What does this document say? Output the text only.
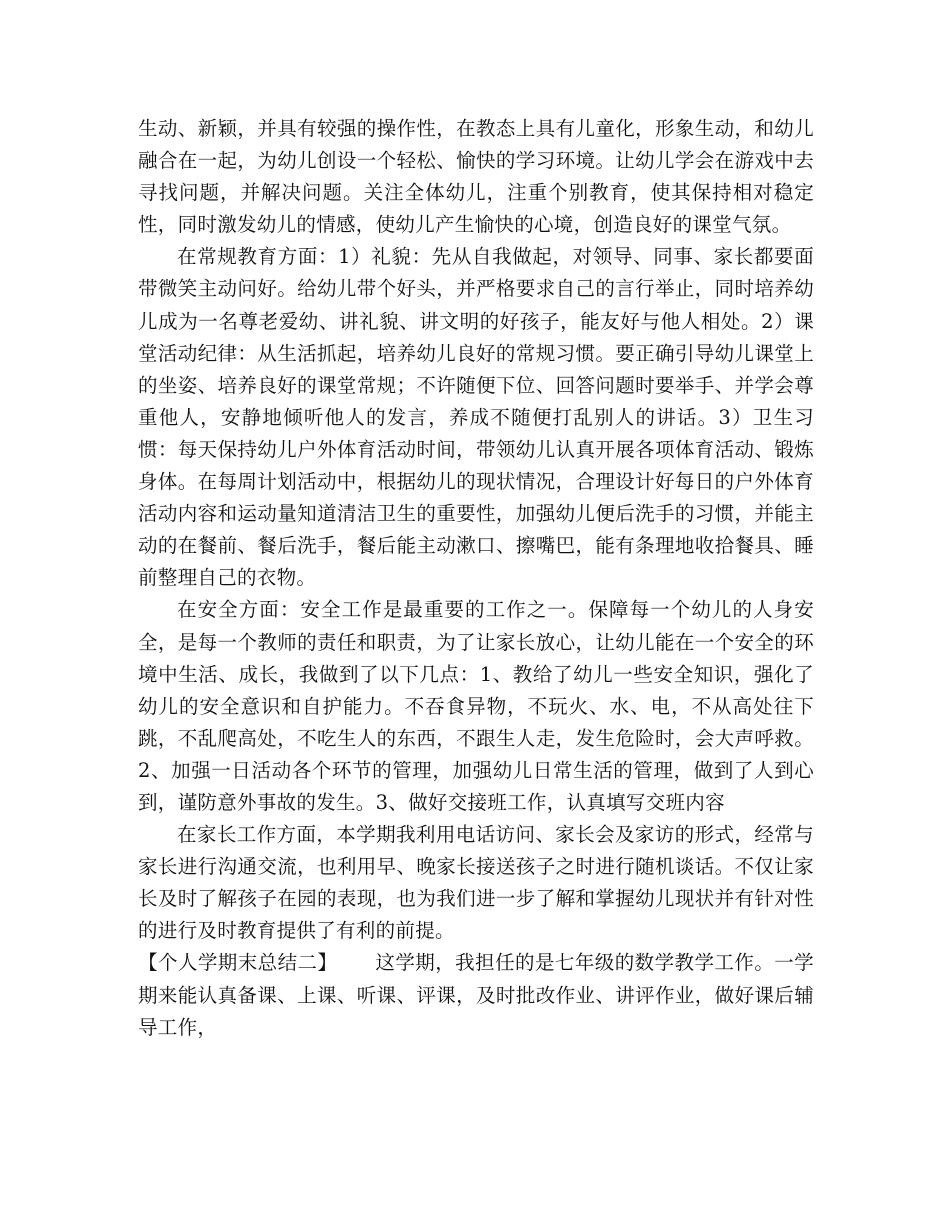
生动、新颖，并具有较强的操作性，在教态上具有儿童化，形象生动，和幼儿融合在一起，为幼儿创设一个轻松、愉快的学习环境。让幼儿学会在游戏中去寻找问题，并解决问题。关注全体幼儿，注重个别教育，使其保持相对稳定性，同时激发幼儿的情感，使幼儿产生愉快的心境，创造良好的课堂气氛。

在常规教育方面：1）礼貌：先从自我做起，对领导、同事、家长都要面带微笑主动问好。给幼儿带个好头，并严格要求自己的言行举止，同时培养幼儿成为一名尊老爱幼、讲礼貌、讲文明的好孩子，能友好与他人相处。2）课堂活动纪律：从生活抓起，培养幼儿良好的常规习惯。要正确引导幼儿课堂上的坐姿、培养良好的课堂常规；不许随便下位、回答问题时要举手、并学会尊重他人，安静地倾听他人的发言，养成不随便打乱别人的讲话。3）卫生习惯：每天保持幼儿户外体育活动时间，带领幼儿认真开展各项体育活动、锻炼身体。在每周计划活动中，根据幼儿的现状情况，合理设计好每日的户外体育活动内容和运动量知道清洁卫生的重要性，加强幼儿便后洗手的习惯，并能主动的在餐前、餐后洗手，餐后能主动漱口、擦嘴巴，能有条理地收拾餐具、睡前整理自己的衣物。

在安全方面：安全工作是最重要的工作之一。保障每一个幼儿的人身安全，是每一个教师的责任和职责，为了让家长放心，让幼儿能在一个安全的环境中生活、成长，我做到了以下几点：1、教给了幼儿一些安全知识，强化了幼儿的安全意识和自护能力。不吞食异物，不玩火、水、电，不从高处往下跳，不乱爬高处，不吃生人的东西，不跟生人走，发生危险时，会大声呼救。2、加强一日活动各个环节的管理，加强幼儿日常生活的管理，做到了人到心到，谨防意外事故的发生。3、做好交接班工作，认真填写交班内容

在家长工作方面，本学期我利用电话访问、家长会及家访的形式，经常与家长进行沟通交流，也利用早、晚家长接送孩子之时进行随机谈话。不仅让家长及时了解孩子在园的表现，也为我们进一步了解和掌握幼儿现状并有针对性的进行及时教育提供了有利的前提。

【个人学期末总结二】 这学期，我担任的是七年级的数学教学工作。一学期来能认真备课、上课、听课、评课，及时批改作业、讲评作业，做好课后辅导工作，
